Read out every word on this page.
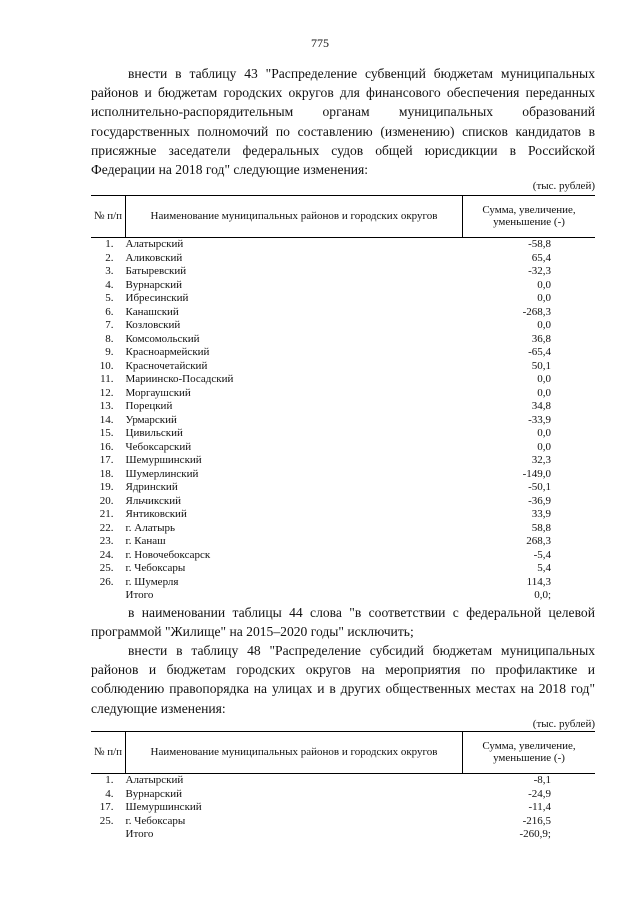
775
внести в таблицу 43 "Распределение субвенций бюджетам муниципальных районов и бюджетам городских округов для финансового обеспечения переданных исполнительно-распорядительным органам муниципальных образований государственных полномочий по составлению (изменению) списков кандидатов в присяжные заседатели федеральных судов общей юрисдикции в Российской Федерации на 2018 год" следующие изменения:
(тыс. рублей)
№ п/п	Наименование муниципальных районов и городских округов	Сумма, увеличение, уменьшение (-)
1.	Алатырский	-58,8
2.	Аликовский	65,4
3.	Батыревский	-32,3
4.	Вурнарский	0,0
5.	Ибресинский	0,0
6.	Канашский	-268,3
7.	Козловский	0,0
8.	Комсомольский	36,8
9.	Красноармейский	-65,4
10.	Красночетайский	50,1
11.	Мариинско-Посадский	0,0
12.	Моргаушский	0,0
13.	Порецкий	34,8
14.	Урмарский	-33,9
15.	Цивильский	0,0
16.	Чебоксарский	0,0
17.	Шемуршинский	32,3
18.	Шумерлинский	-149,0
19.	Ядринский	-50,1
20.	Яльчикский	-36,9
21.	Янтиковский	33,9
22.	г. Алатырь	58,8
23.	г. Канаш	268,3
24.	г. Новочебоксарск	-5,4
25.	г. Чебоксары	5,4
26.	г. Шумерля	114,3
	Итого	0,0;
в наименовании таблицы 44 слова "в соответствии с федеральной целевой программой "Жилище" на 2015–2020 годы" исключить;
внести в таблицу 48 "Распределение субсидий бюджетам муниципальных районов и бюджетам городских округов на мероприятия по профилактике и соблюдению правопорядка на улицах и в других общественных местах на 2018 год" следующие изменения:
(тыс. рублей)
№ п/п	Наименование муниципальных районов и городских округов	Сумма, увеличение, уменьшение (-)
1.	Алатырский	-8,1
4.	Вурнарский	-24,9
17.	Шемуршинский	-11,4
25.	г. Чебоксары	-216,5
	Итого	-260,9;
